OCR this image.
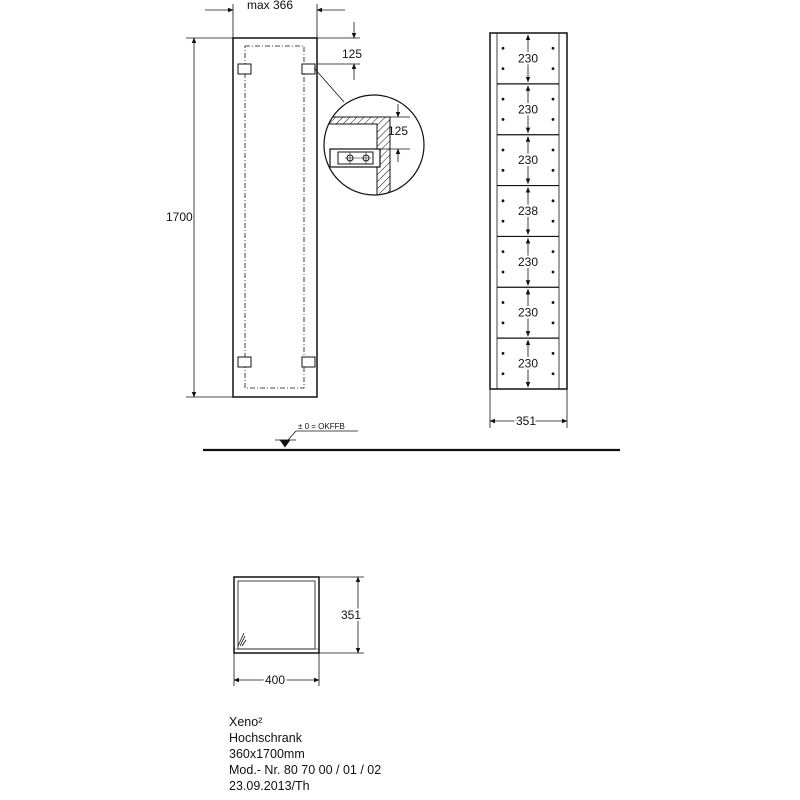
max 366
1700
125
125
230
230
230
238
230
230
230
351
± 0 = OKFFB
351
400
Xeno²
Hochschrank
360x1700mm
Mod.- Nr. 80 70 00 / 01 / 02
23.09.2013/Th
